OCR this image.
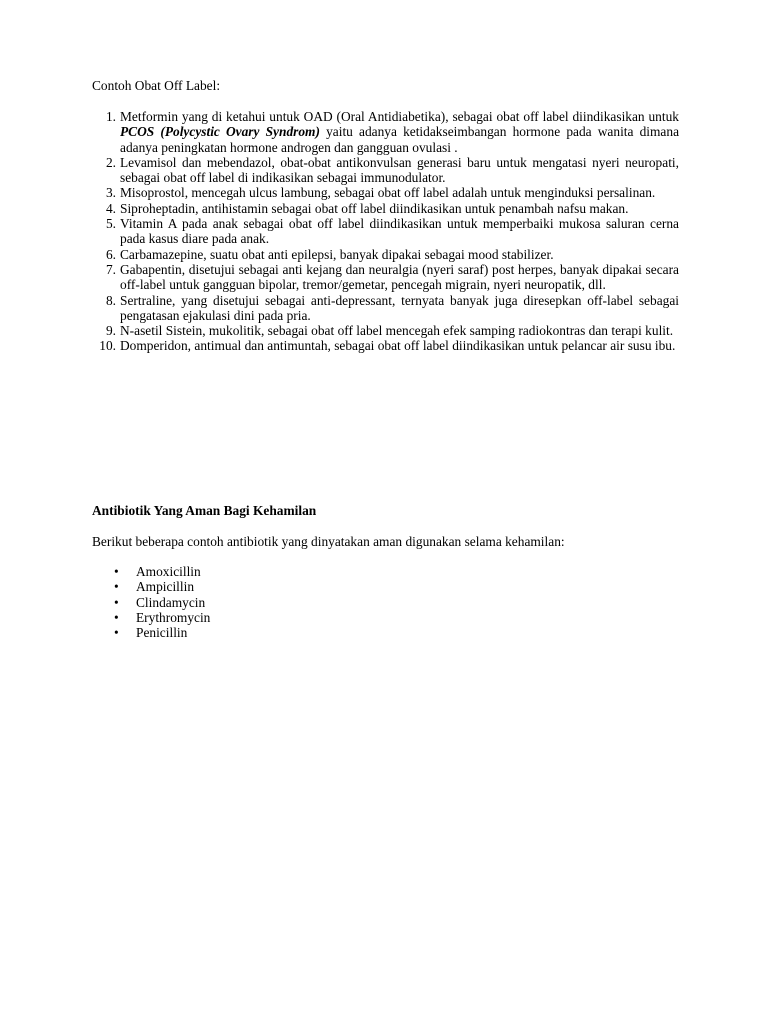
Contoh Obat Off Label:
1. Metformin yang di ketahui untuk OAD (Oral Antidiabetika), sebagai obat off label diindikasikan untuk PCOS (Polycystic Ovary Syndrom) yaitu adanya ketidakseimbangan hormone pada wanita dimana adanya peningkatan hormone androgen dan gangguan ovulasi .
2. Levamisol dan mebendazol, obat-obat antikonvulsan generasi baru untuk mengatasi nyeri neuropati, sebagai obat off label di indikasikan sebagai immunodulator.
3. Misoprostol, mencegah ulcus lambung, sebagai obat off label adalah untuk menginduksi persalinan.
4. Siproheptadin, antihistamin sebagai obat off label diindikasikan untuk penambah nafsu makan.
5. Vitamin A pada anak sebagai obat off label diindikasikan untuk memperbaiki mukosa saluran cerna pada kasus diare pada anak.
6. Carbamazepine, suatu obat anti epilepsi, banyak dipakai sebagai mood stabilizer.
7. Gabapentin, disetujui sebagai anti kejang dan neuralgia (nyeri saraf) post herpes, banyak dipakai secara off-label untuk gangguan bipolar, tremor/gemetar, pencegah migrain, nyeri neuropatik, dll.
8. Sertraline, yang disetujui sebagai anti-depressant, ternyata banyak juga diresepkan off-label sebagai pengatasan ejakulasi dini pada pria.
9. N-asetil Sistein, mukolitik, sebagai obat off label mencegah efek samping radiokontras dan terapi kulit.
10. Domperidon, antimual dan antimuntah, sebagai obat off label diindikasikan untuk pelancar air susu ibu.
Antibiotik Yang Aman Bagi Kehamilan
Berikut beberapa contoh antibiotik yang dinyatakan aman digunakan selama kehamilan:
•	Amoxicillin
•	Ampicillin
•	Clindamycin
•	Erythromycin
•	Penicillin
